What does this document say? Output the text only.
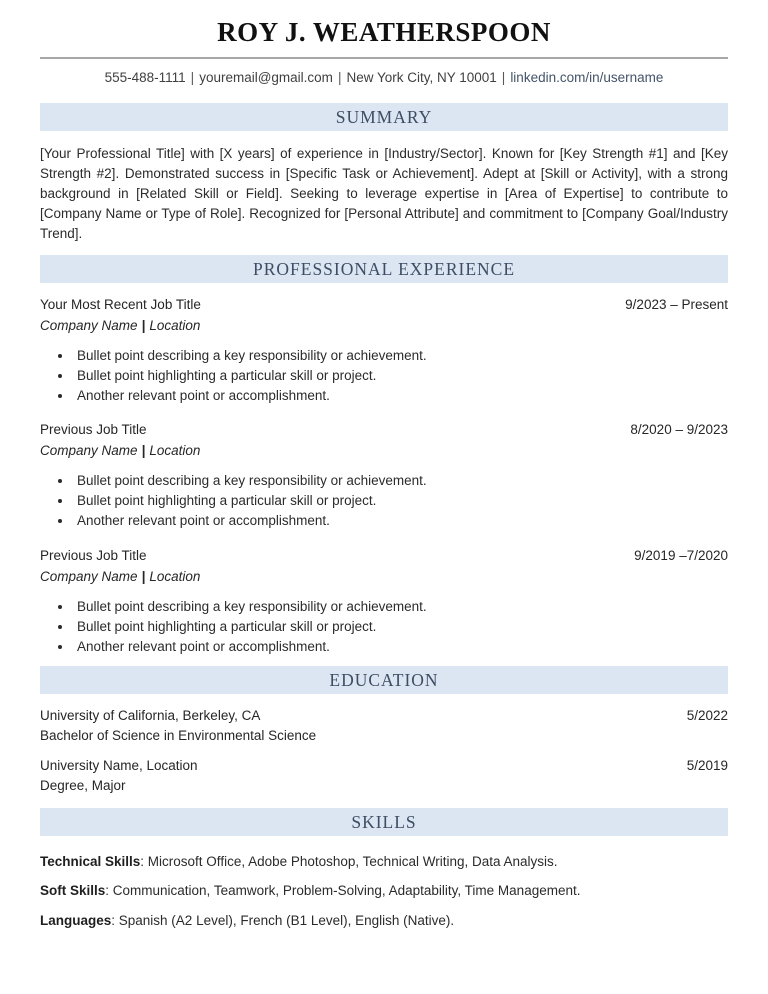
ROY J. WEATHERSPOON
555-488-1111 | youremail@gmail.com | New York City, NY 10001 | linkedin.com/in/username
SUMMARY

[Your Professional Title] with [X years] of experience in [Industry/Sector]. Known for [Key Strength #1] and [Key Strength #2]. Demonstrated success in [Specific Task or Achievement]. Adept at [Skill or Activity], with a strong background in [Related Skill or Field]. Seeking to leverage expertise in [Area of Expertise] to contribute to [Company Name or Type of Role]. Recognized for [Personal Attribute] and commitment to [Company Goal/Industry Trend].

PROFESSIONAL EXPERIENCE
Your Most Recent Job Title	9/2023 – Present
Company Name | Location
• Bullet point describing a key responsibility or achievement.
• Bullet point highlighting a particular skill or project.
• Another relevant point or accomplishment.
Previous Job Title	8/2020 – 9/2023
Company Name | Location
• Bullet point describing a key responsibility or achievement.
• Bullet point highlighting a particular skill or project.
• Another relevant point or accomplishment.
Previous Job Title	9/2019 –7/2020
Company Name | Location
• Bullet point describing a key responsibility or achievement.
• Bullet point highlighting a particular skill or project.
• Another relevant point or accomplishment.
EDUCATION
University of California, Berkeley, CA	5/2022
Bachelor of Science in Environmental Science
University Name, Location	5/2019
Degree, Major
SKILLS
Technical Skills: Microsoft Office, Adobe Photoshop, Technical Writing, Data Analysis.
Soft Skills: Communication, Teamwork, Problem-Solving, Adaptability, Time Management.
Languages: Spanish (A2 Level), French (B1 Level), English (Native).
